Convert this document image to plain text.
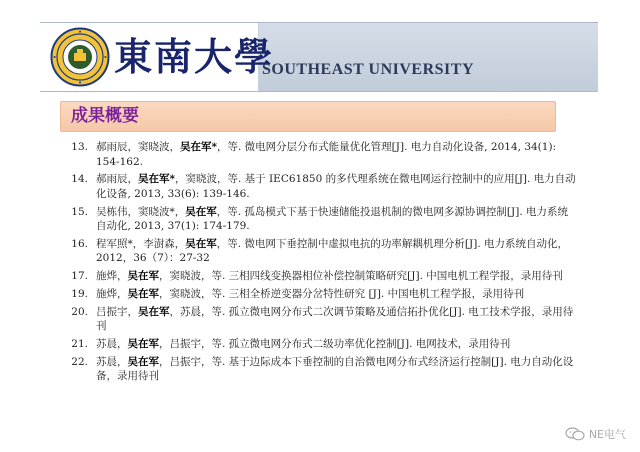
東南大學
SOUTHEAST UNIVERSITY
成果概要
13. 郝雨辰，窦晓波，吴在军*，等. 微电网分层分布式能量优化管理[J]. 电力自动化设备, 2014, 34(1): 154-162.
14. 郝雨辰，吴在军*，窦晓波，等. 基于 IEC61850 的多代理系统在微电网运行控制中的应用[J]. 电力自动化设备, 2013, 33(6): 139-146.
15. 吴栋伟，窦晓波*，吴在军，等. 孤岛模式下基于快速储能投退机制的微电网多源协调控制[J]. 电力系统自动化, 2013, 37(1): 174-179.
16. 程军照*，李澍森，吴在军，等. 微电网下垂控制中虚拟电抗的功率解耦机理分析[J]. 电力系统自动化，2012，36（7）：27-32
17. 施烨，吴在军，窦晓波，等. 三相四线变换器相位补偿控制策略研究[J]. 中国电机工程学报，录用待刊
19. 施烨，吴在军，窦晓波，等. 三相全桥逆变器分岔特性研究 [J]. 中国电机工程学报，录用待刊
20. 吕振宇，吴在军，苏晨，等. 孤立微电网分布式二次调节策略及通信拓扑优化[J]. 电工技术学报，录用待刊
21. 苏晨，吴在军，吕振宇，等. 孤立微电网分布式二级功率优化控制[J]. 电网技术，录用待刊
22. 苏晨，吴在军，吕振宇，等. 基于边际成本下垂控制的自治微电网分布式经济运行控制[J]. 电力自动化设备，录用待刊
NE电气
